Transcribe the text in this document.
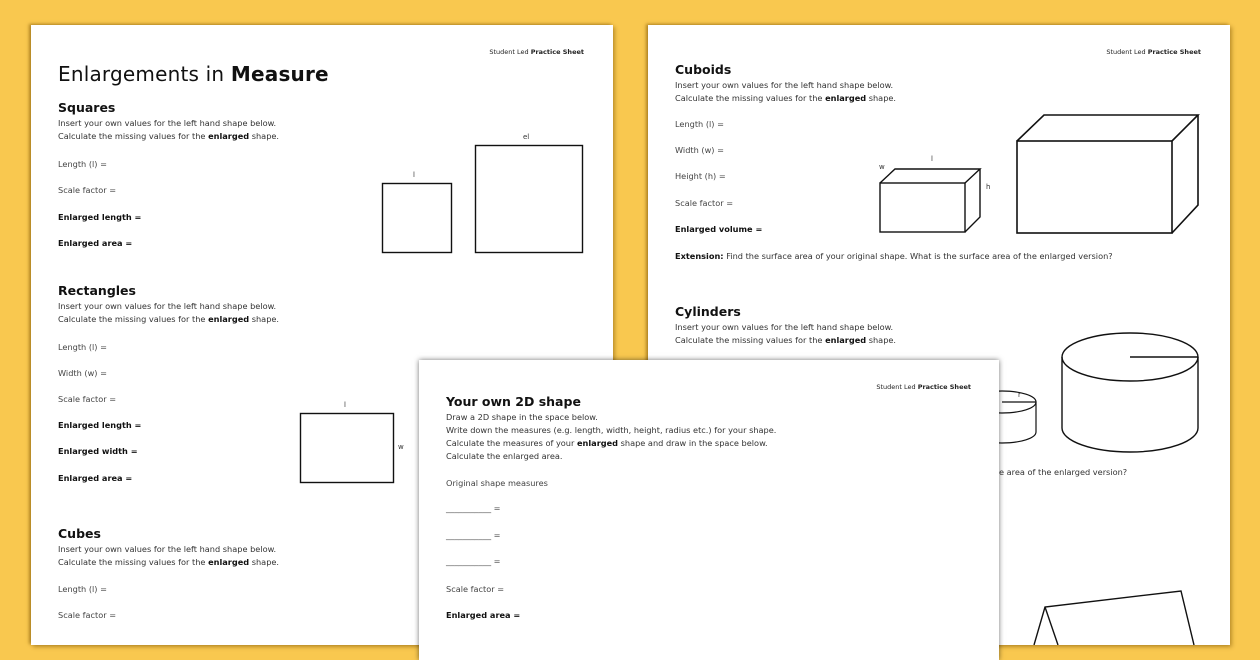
Student Led Practice Sheet
Enlargements in Measure
Squares
Insert your own values for the left hand shape below.
Calculate the missing values for the enlarged shape.
Length (l) =
Scale factor =
Enlarged length =
Enlarged area =
l
el
Rectangles
Insert your own values for the left hand shape below.
Calculate the missing values for the enlarged shape.
Length (l) =
Width (w) =
Scale factor =
Enlarged length =
Enlarged width =
Enlarged area =
l
w
Cubes
Insert your own values for the left hand shape below.
Calculate the missing values for the enlarged shape.
Length (l) =
Scale factor =
Student Led Practice Sheet
Cuboids
Insert your own values for the left hand shape below.
Calculate the missing values for the enlarged shape.
Length (l) =
Width (w) =
Height (h) =
Scale factor =
Enlarged volume =
w
l
h
Extension: Find the surface area of your original shape. What is the surface area of the enlarged version?
Cylinders
Insert your own values for the left hand shape below.
Calculate the missing values for the enlarged shape.
r
e area of the enlarged version?
Student Led Practice Sheet
Your own 2D shape
Draw a 2D shape in the space below.
Write down the measures (e.g. length, width, height, radius etc.) for your shape.
Calculate the measures of your enlarged shape and draw in the space below.
Calculate the enlarged area.
Original shape measures
___________ =
___________ =
___________ =
Scale factor =
Enlarged area =
